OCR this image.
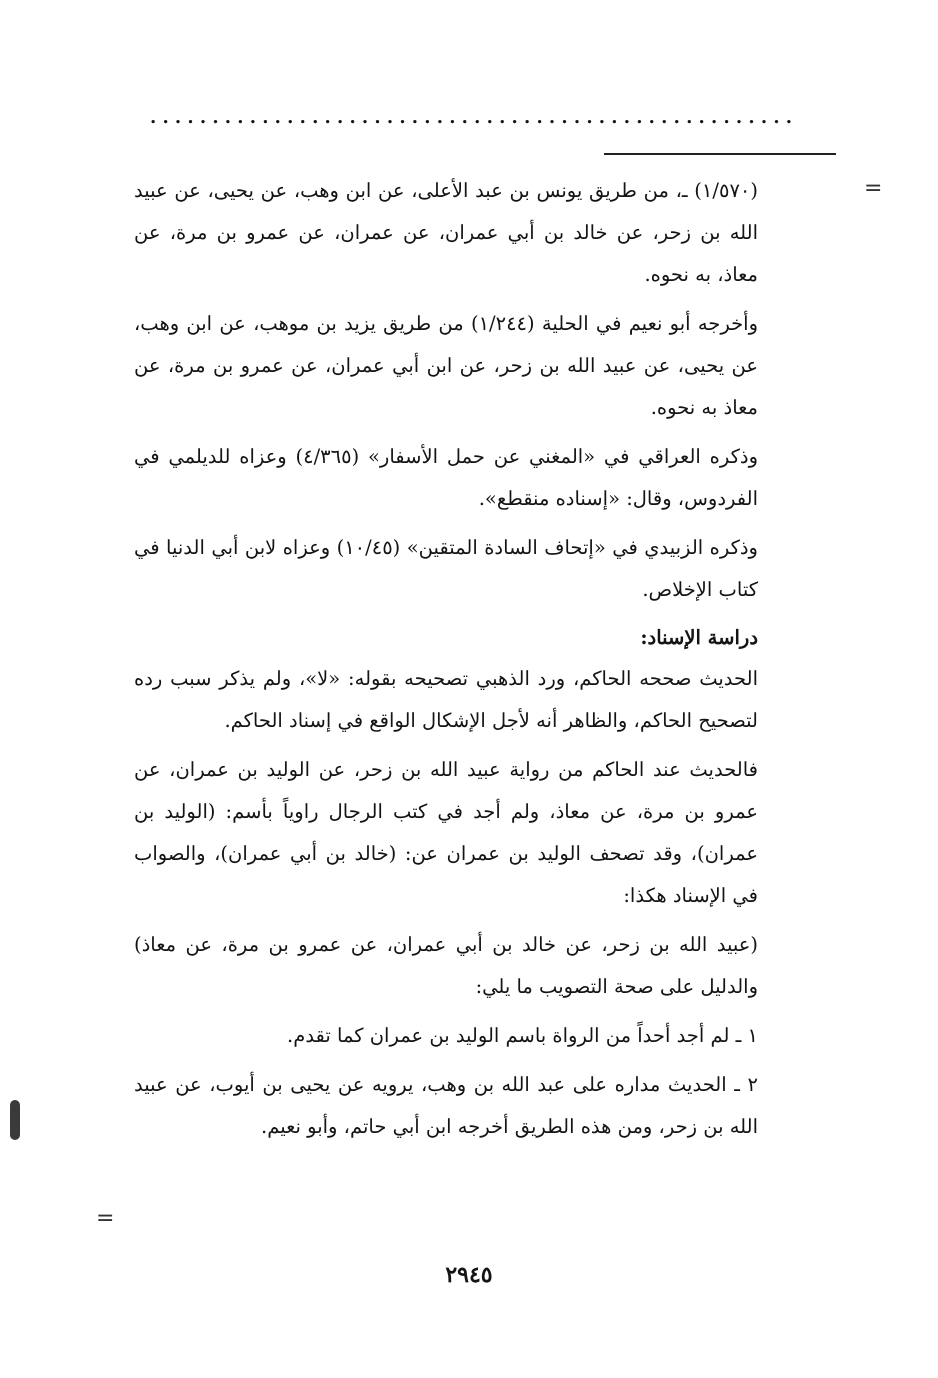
....................................................
=
=

(١/٥٧٠) ـ، من طريق يونس بن عبد الأعلى، عن ابن وهب، عن يحيى، عن عبيد الله بن زحر، عن خالد بن أبي عمران، عن عمران، عن عمرو بن مرة، عن معاذ، به نحوه.

وأخرجه أبو نعيم في الحلية (١/٢٤٤) من طريق يزيد بن موهب، عن ابن وهب، عن يحيى، عن عبيد الله بن زحر، عن ابن أبي عمران، عن عمرو بن مرة، عن معاذ به نحوه.

وذكره العراقي في «المغني عن حمل الأسفار» (٤/٣٦٥) وعزاه للديلمي في الفردوس، وقال: «إسناده منقطع».

وذكره الزبيدي في «إتحاف السادة المتقين» (١٠/٤٥) وعزاه لابن أبي الدنيا في كتاب الإخلاص.

دراسة الإسناد:

الحديث صححه الحاكم، ورد الذهبي تصحيحه بقوله: «لا»، ولم يذكر سبب رده لتصحيح الحاكم، والظاهر أنه لأجل الإشكال الواقع في إسناد الحاكم.

فالحديث عند الحاكم من رواية عبيد الله بن زحر، عن الوليد بن عمران، عن عمرو بن مرة، عن معاذ، ولم أجد في كتب الرجال راوياً بأسم: (الوليد بن عمران)، وقد تصحف الوليد بن عمران عن: (خالد بن أبي عمران)، والصواب في الإسناد هكذا:

(عبيد الله بن زحر، عن خالد بن أبي عمران، عن عمرو بن مرة، عن معاذ) والدليل على صحة التصويب ما يلي:

١ ـ لم أجد أحداً من الرواة باسم الوليد بن عمران كما تقدم.

٢ ـ الحديث مداره على عبد الله بن وهب، يرويه عن يحيى بن أيوب، عن عبيد الله بن زحر، ومن هذه الطريق أخرجه ابن أبي حاتم، وأبو نعيم.

٢٩٤٥
